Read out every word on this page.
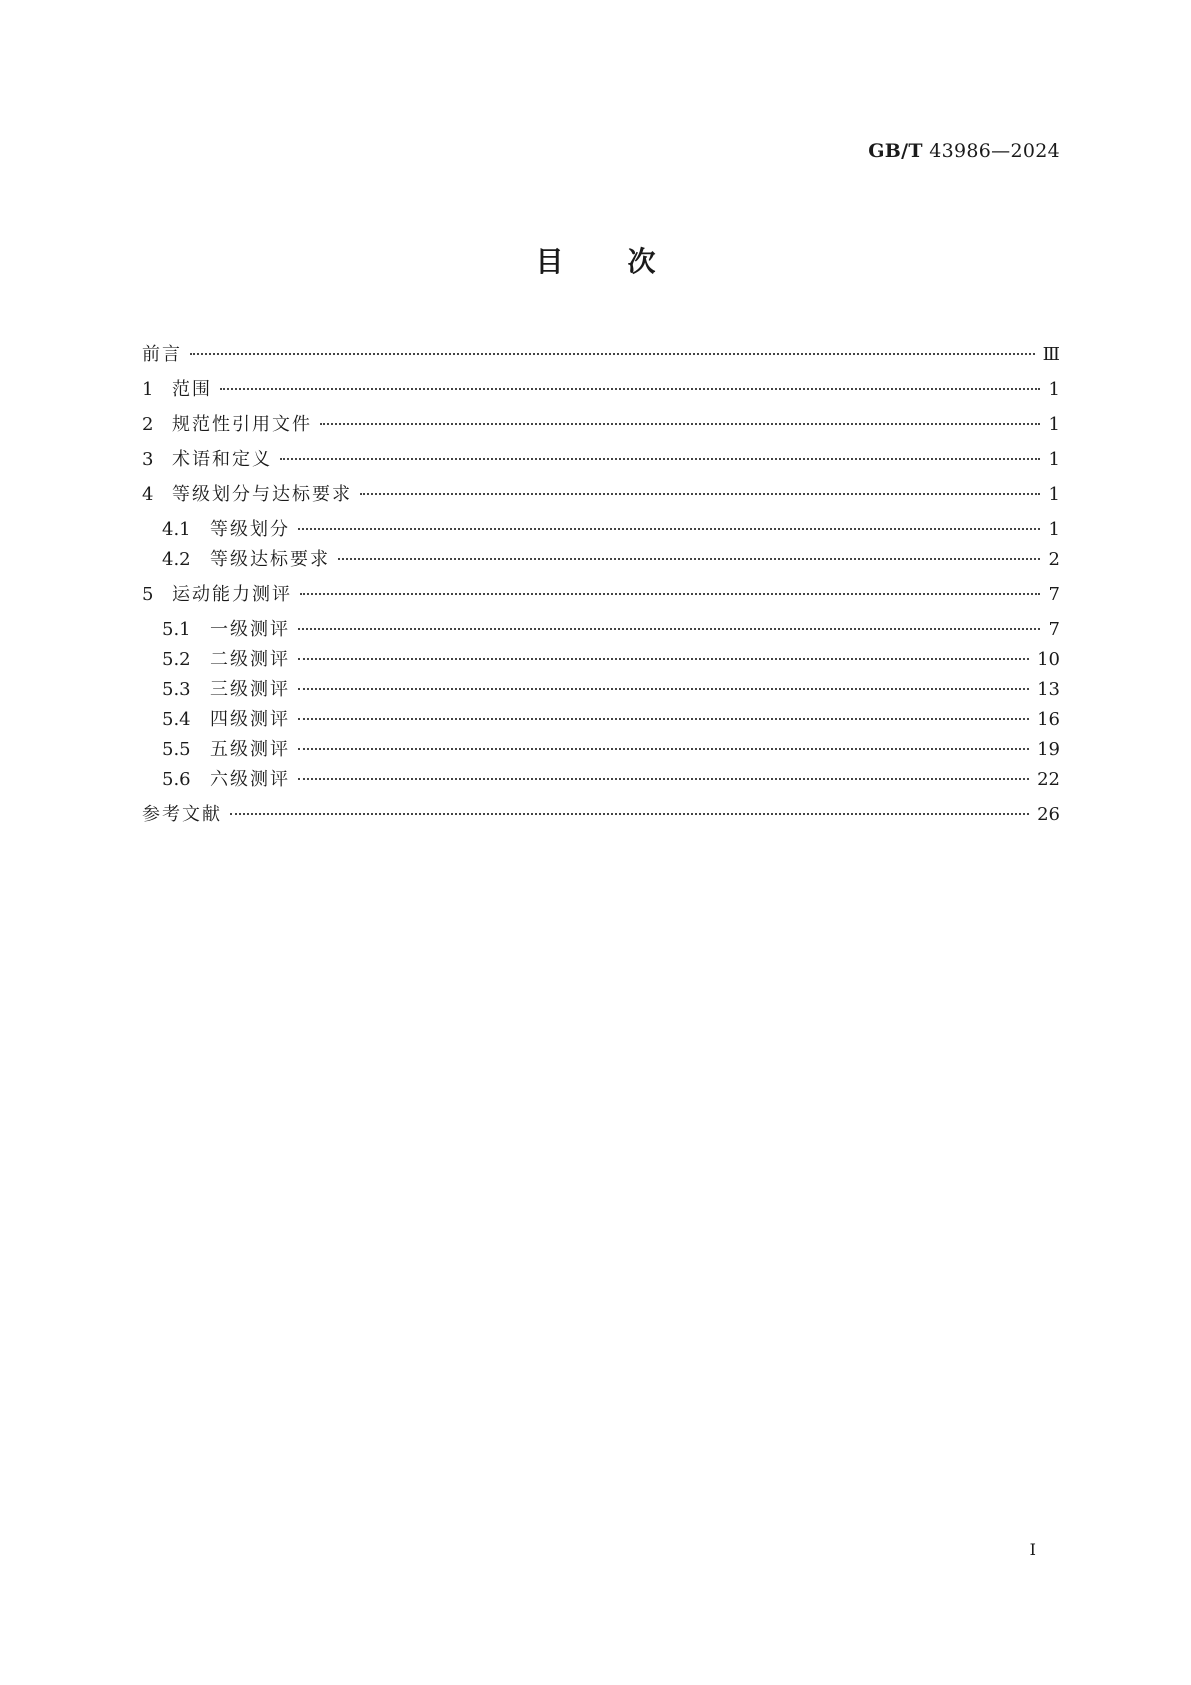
GB/T 43986—2024
目 次
前言	Ⅲ
1	范围	1
2	规范性引用文件	1
3	术语和定义	1
4	等级划分与达标要求	1
4.1	等级划分	1
4.2	等级达标要求	2
5	运动能力测评	7
5.1	一级测评	7
5.2	二级测评	10
5.3	三级测评	13
5.4	四级测评	16
5.5	五级测评	19
5.6	六级测评	22
参考文献	26
I
